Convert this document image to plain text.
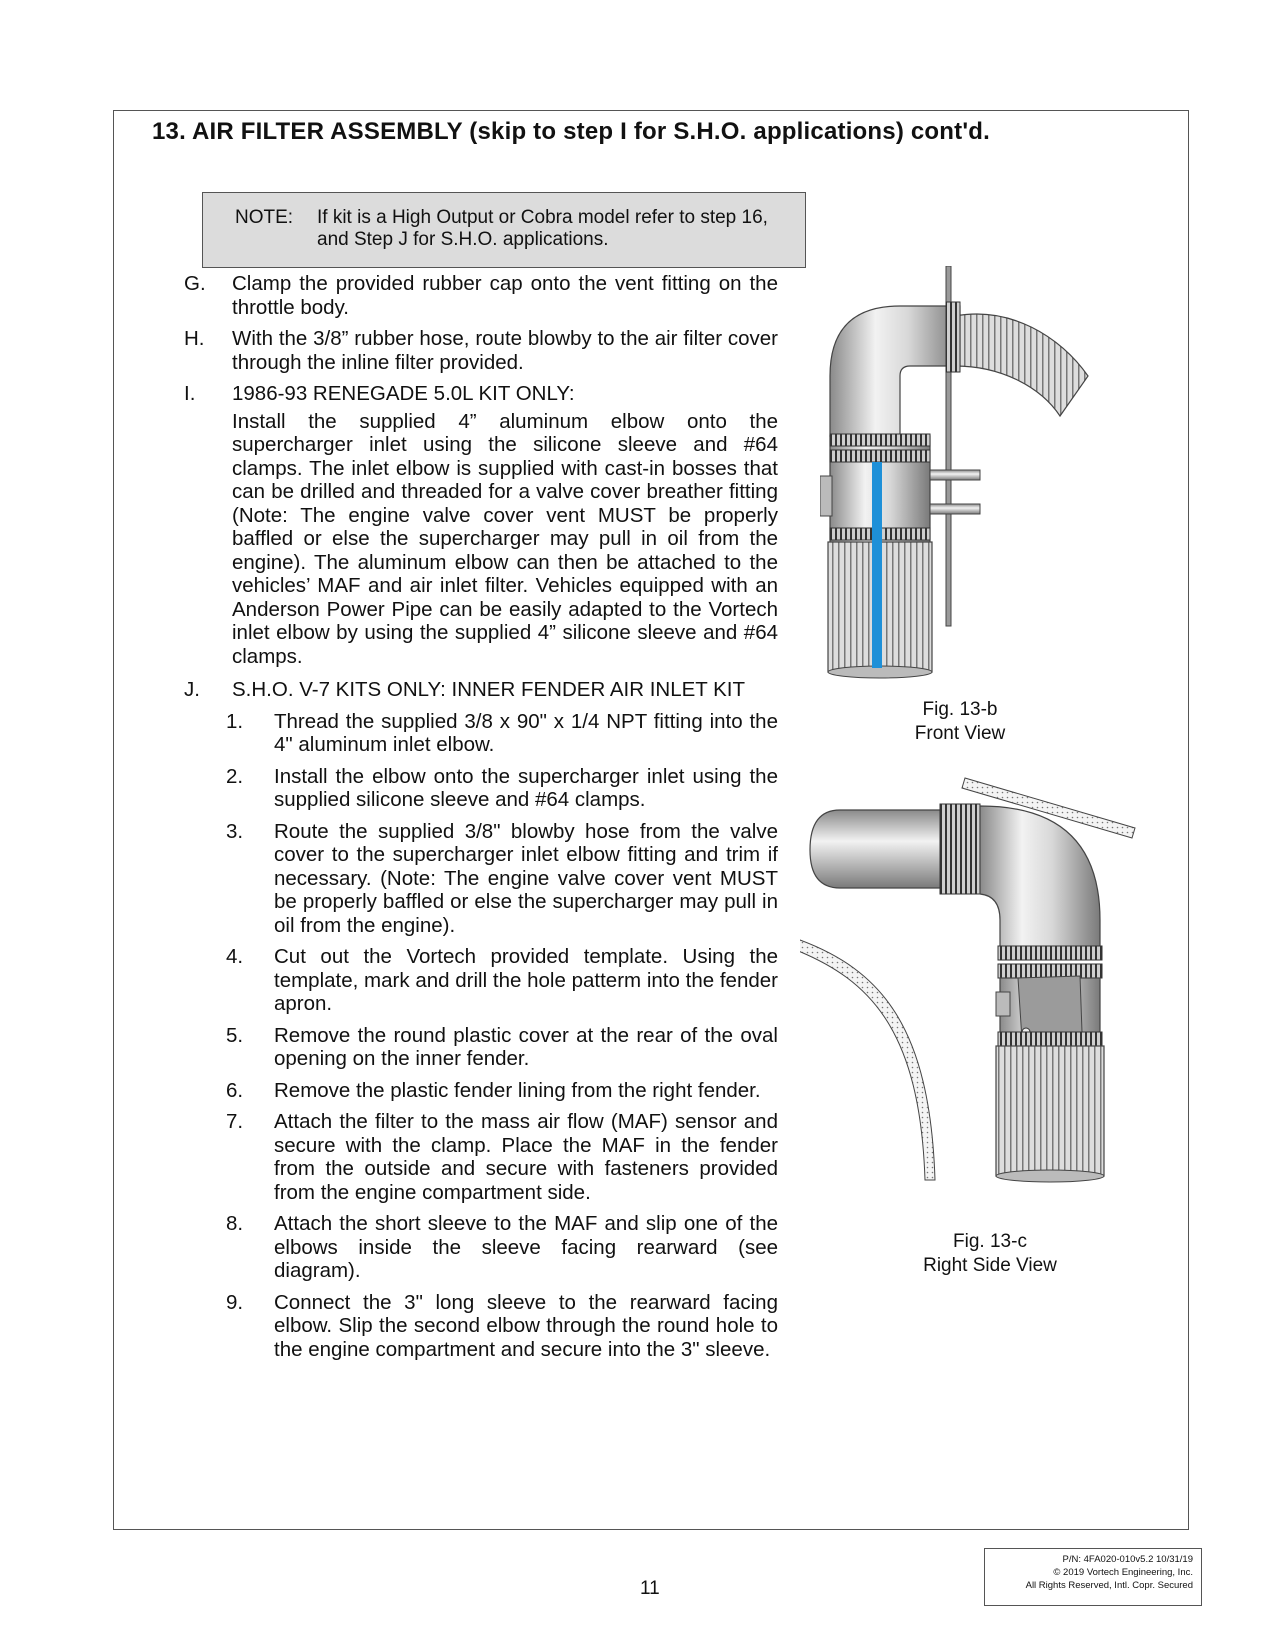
13. AIR FILTER ASSEMBLY (skip to step I for S.H.O. applications) cont'd.
NOTE: If kit is a High Output or Cobra model refer to step 16, and Step J for S.H.O. applications.
G. Clamp the provided rubber cap onto the vent fitting on the throttle body.
H. With the 3/8” rubber hose, route blowby to the air filter cover through the inline filter provided.
I. 1986-93 RENEGADE 5.0L KIT ONLY:
Install the supplied 4” aluminum elbow onto the supercharger inlet using the silicone sleeve and #64 clamps. The inlet elbow is supplied with cast-in bosses that can be drilled and threaded for a valve cover breather fitting (Note: The engine valve cover vent MUST be properly baffled or else the supercharger may pull in oil from the engine). The aluminum elbow can then be attached to the vehicles’ MAF and air inlet filter. Vehicles equipped with an Anderson Power Pipe can be easily adapted to the Vortech inlet elbow by using the supplied 4” silicone sleeve and #64 clamps.
J. S.H.O. V-7 KITS ONLY: INNER FENDER AIR INLET KIT
1. Thread the supplied 3/8 x 90" x 1/4 NPT fitting into the 4" aluminum inlet elbow.
2. Install the elbow onto the supercharger inlet using the supplied silicone sleeve and #64 clamps.
3. Route the supplied 3/8" blowby hose from the valve cover to the supercharger inlet elbow fitting and trim if necessary. (Note: The engine valve cover vent MUST be properly baffled or else the supercharger may pull in oil from the engine).
4. Cut out the Vortech provided template. Using the template, mark and drill the hole patterm into the fender apron.
5. Remove the round plastic cover at the rear of the oval opening on the inner fender.
6. Remove the plastic fender lining from the right fender.
7. Attach the filter to the mass air flow (MAF) sensor and secure with the clamp. Place the MAF in the fender from the outside and secure with fasteners provided from the engine compartment side.
8. Attach the short sleeve to the MAF and slip one of the elbows inside the sleeve facing rearward (see diagram).
9. Connect the 3" long sleeve to the rearward facing elbow. Slip the second elbow through the round hole to the engine compartment and secure into the 3" sleeve.
Fig. 13-b
Front View
Fig. 13-c
Right Side View
11
P/N: 4FA020-010v5.2 10/31/19
© 2019 Vortech Engineering, Inc.
All Rights Reserved, Intl. Copr. Secured
